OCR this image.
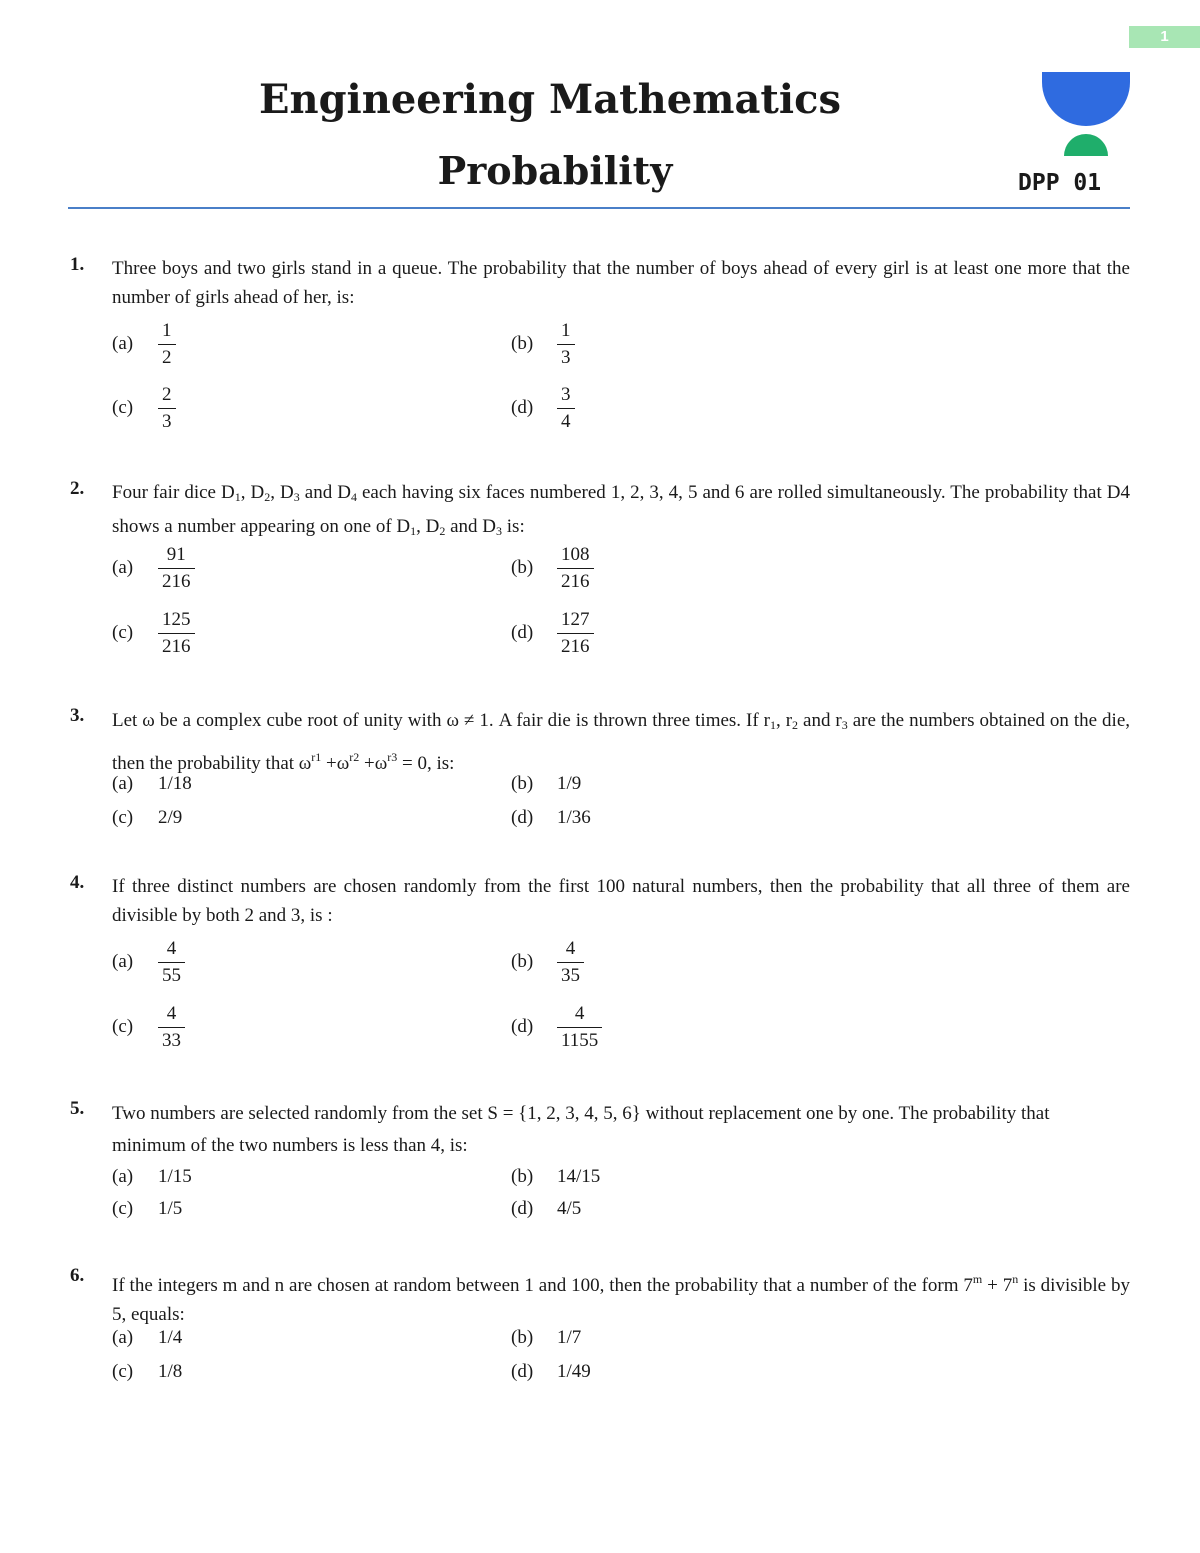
1
Engineering Mathematics
Probability	DPP 01
1. Three boys and two girls stand in a queue. The probability that the number of boys ahead of every girl is at least one more that the number of girls ahead of her, is:
(a)	$\frac{1}{2}$	(b)	$\frac{1}{3}$
(c)	$\frac{2}{3}$	(d)	$\frac{3}{4}$
2. Four fair dice $D_1$, $D_2$, $D_3$ and $D_4$ each having six faces numbered 1, 2, 3, 4, 5 and 6 are rolled simultaneously. The probability that D4 shows a number appearing on one of $D_1$, $D_2$ and $D_3$ is:
(a)	$\frac{91}{216}$	(b)	$\frac{108}{216}$
(c)	$\frac{125}{216}$	(d)	$\frac{127}{216}$
3. Let ω be a complex cube root of unity with ω ≠ 1. A fair die is thrown three times. If $r_1$, $r_2$ and $r_3$ are the numbers obtained on the die, then the probability that $\omega^{r1} +\omega^{r2} +\omega^{r3} = 0$, is:
(a) 1/18	(b) 1/9
(c) 2/9	(d) 1/36
4. If three distinct numbers are chosen randomly from the first 100 natural numbers, then the probability that all three of them are divisible by both 2 and 3, is :
(a)	$\frac{4}{55}$	(b)	$\frac{4}{35}$
(c)	$\frac{4}{33}$	(d)	$\frac{4}{1155}$
5. Two numbers are selected randomly from the set S = {1, 2, 3, 4, 5, 6} without replacement one by one. The probability that minimum of the two numbers is less than 4, is:
(a) 1/15	(b) 14/15
(c) 1/5	(d) 4/5
6. If the integers m and n are chosen at random between 1 and 100, then the probability that a number of the form $7^m + 7^n$ is divisible by 5, equals:
(a) 1/4	(b) 1/7
(c) 1/8	(d) 1/49
